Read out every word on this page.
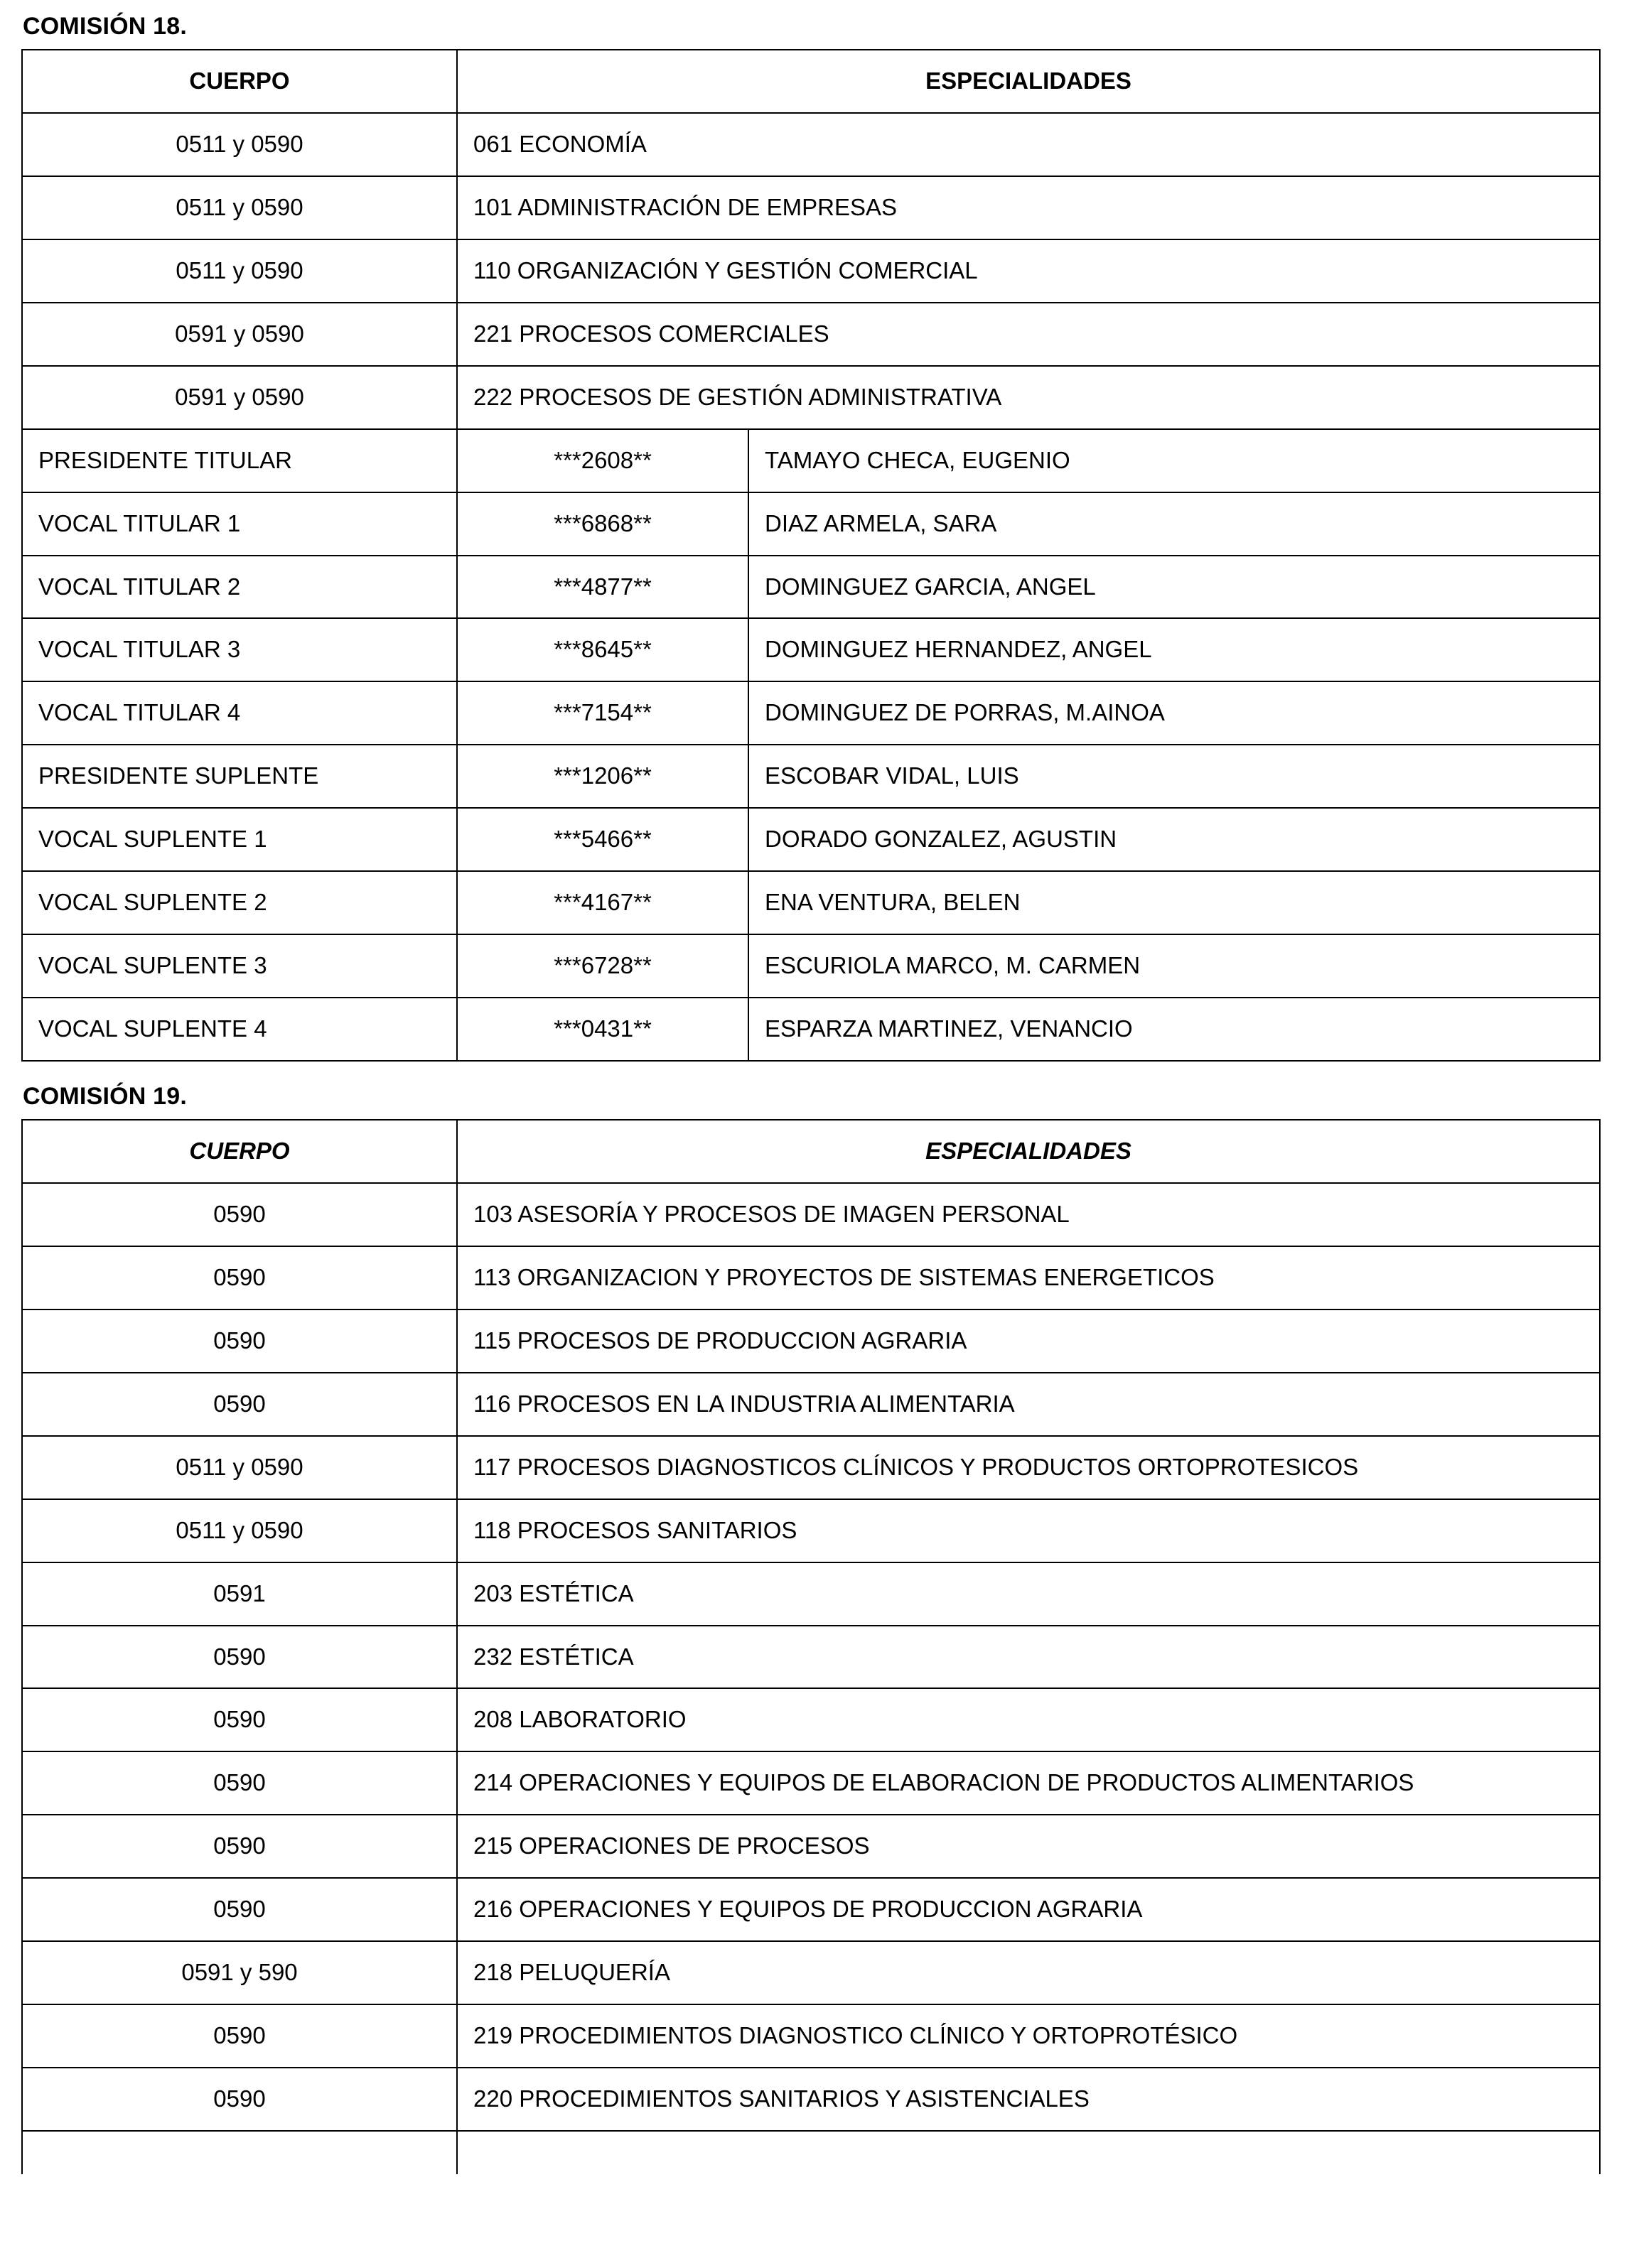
COMISIÓN 18.
CUERPO	ESPECIALIDADES	
0511 y 0590	061 ECONOMÍA	
0511 y 0590	101 ADMINISTRACIÓN DE EMPRESAS	
0511 y 0590	110 ORGANIZACIÓN Y GESTIÓN COMERCIAL	
0591 y 0590	221 PROCESOS COMERCIALES	
0591 y 0590	222 PROCESOS DE GESTIÓN ADMINISTRATIVA	
PRESIDENTE TITULAR	***2608**	TAMAYO CHECA, EUGENIO
VOCAL TITULAR 1	***6868**	DIAZ ARMELA, SARA
VOCAL TITULAR 2	***4877**	DOMINGUEZ GARCIA, ANGEL
VOCAL TITULAR 3	***8645**	DOMINGUEZ HERNANDEZ, ANGEL
VOCAL TITULAR 4	***7154**	DOMINGUEZ DE PORRAS, M.AINOA
PRESIDENTE SUPLENTE	***1206**	ESCOBAR VIDAL, LUIS
VOCAL SUPLENTE 1	***5466**	DORADO GONZALEZ, AGUSTIN
VOCAL SUPLENTE 2	***4167**	ENA VENTURA, BELEN
VOCAL SUPLENTE 3	***6728**	ESCURIOLA MARCO, M. CARMEN
VOCAL SUPLENTE 4	***0431**	ESPARZA MARTINEZ, VENANCIO
COMISIÓN 19.
CUERPO	ESPECIALIDADES
0590	103 ASESORÍA Y PROCESOS DE IMAGEN PERSONAL
0590	113 ORGANIZACION Y PROYECTOS DE SISTEMAS ENERGETICOS
0590	115 PROCESOS DE PRODUCCION AGRARIA
0590	116 PROCESOS EN LA INDUSTRIA ALIMENTARIA
0511 y 0590	117 PROCESOS DIAGNOSTICOS CLÍNICOS Y PRODUCTOS ORTOPROTESICOS
0511 y 0590	118 PROCESOS SANITARIOS
0591	203 ESTÉTICA
0590	232 ESTÉTICA
0590	208 LABORATORIO
0590	214 OPERACIONES Y EQUIPOS DE ELABORACION DE PRODUCTOS ALIMENTARIOS
0590	215 OPERACIONES DE PROCESOS
0590	216 OPERACIONES Y EQUIPOS DE PRODUCCION AGRARIA
0591 y 590	218 PELUQUERÍA
0590	219 PROCEDIMIENTOS DIAGNOSTICO CLÍNICO Y ORTOPROTÉSICO
0590	220 PROCEDIMIENTOS SANITARIOS Y ASISTENCIALES
